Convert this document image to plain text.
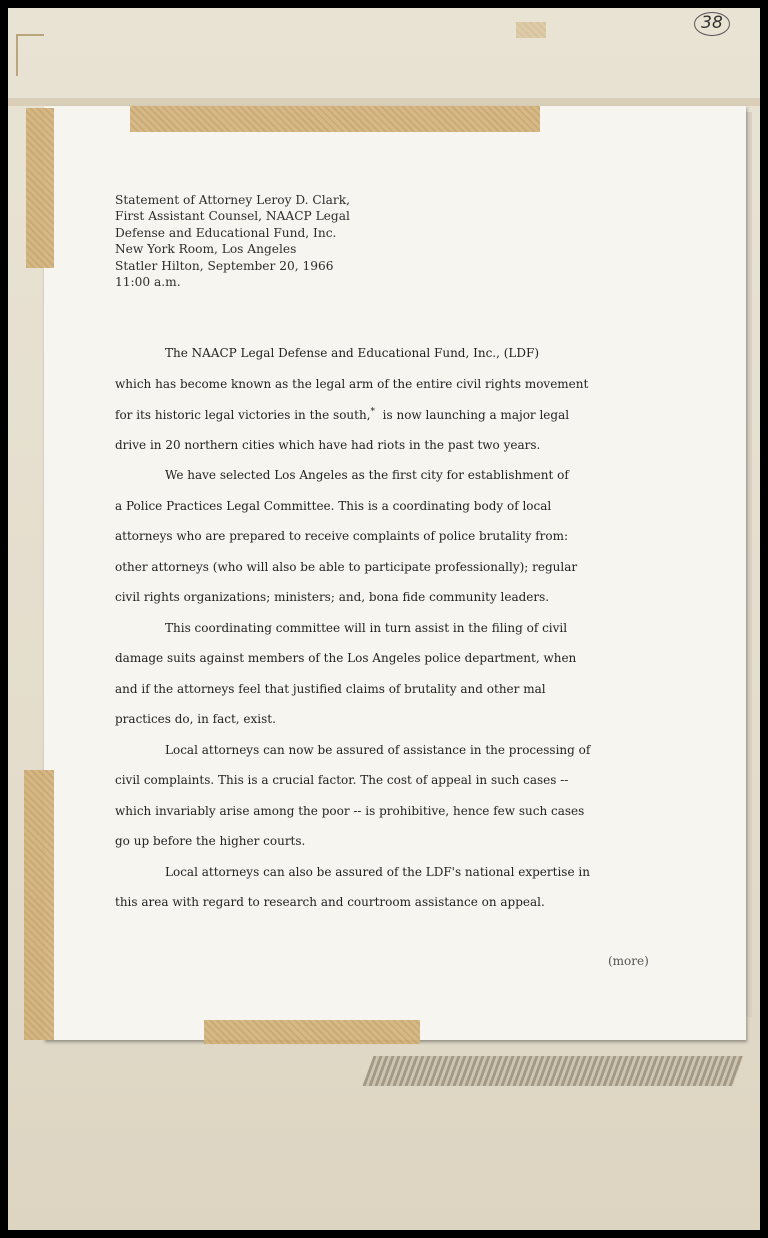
38
Statement of Attorney Leroy D. Clark,
First Assistant Counsel, NAACP Legal
Defense and Educational Fund, Inc.
New York Room, Los Angeles
Statler Hilton, September 20, 1966
11:00 a.m.
The NAACP Legal Defense and Educational Fund, Inc., (LDF)
which has become known as the legal arm of the entire civil rights movement
for its historic legal victories in the south,* is now launching a major legal
drive in 20 northern cities which have had riots in the past two years.
We have selected Los Angeles as the first city for establishment of
a Police Practices Legal Committee. This is a coordinating body of local
attorneys who are prepared to receive complaints of police brutality from:
other attorneys (who will also be able to participate professionally); regular
civil rights organizations; ministers; and, bona fide community leaders.
This coordinating committee will in turn assist in the filing of civil
damage suits against members of the Los Angeles police department, when
and if the attorneys feel that justified claims of brutality and other mal
practices do, in fact, exist.
Local attorneys can now be assured of assistance in the processing of
civil complaints. This is a crucial factor. The cost of appeal in such cases --
which invariably arise among the poor -- is prohibitive, hence few such cases
go up before the higher courts.
Local attorneys can also be assured of the LDF's national expertise in
this area with regard to research and courtroom assistance on appeal.
(more)
